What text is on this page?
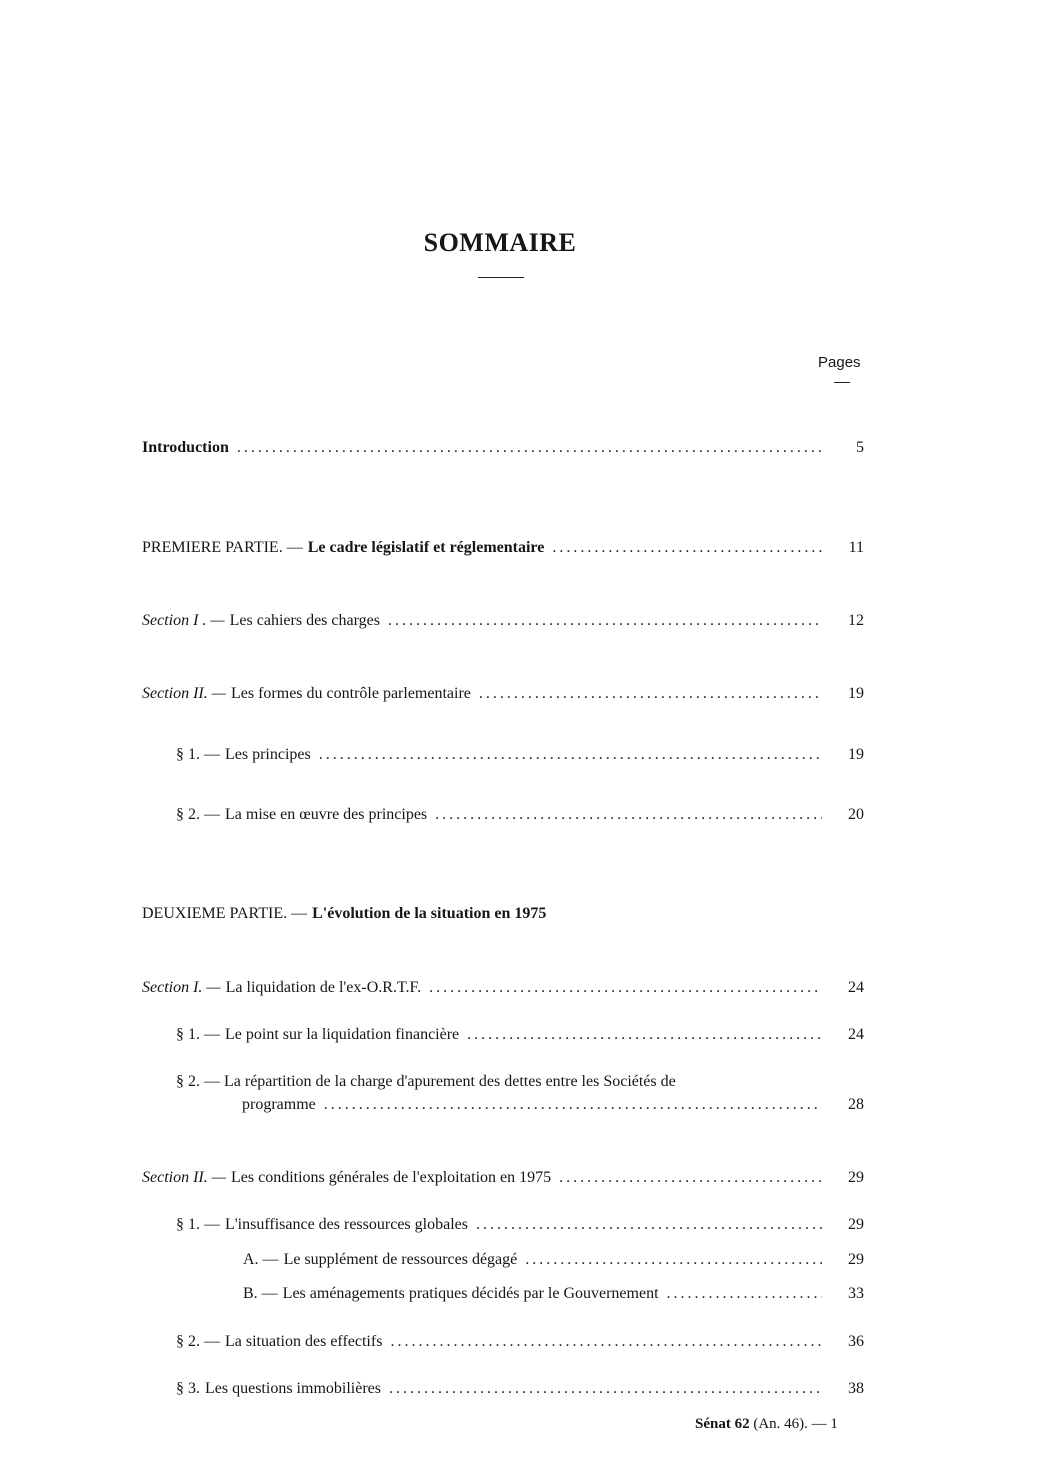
SOMMAIRE
Pages
Introduction .....	5
PREMIERE PARTIE. — Le cadre législatif et réglementaire .....	11
Section I . — Les cahiers des charges .....	12
Section II. — Les formes du contrôle parlementaire .....	19
§ 1. — Les principes .....	19
§ 2. — La mise en œuvre des principes .....	20
DEUXIEME PARTIE. — L'évolution de la situation en 1975
Section I. — La liquidation de l'ex-O.R.T.F. .....	24
§ 1. — Le point sur la liquidation financière .....	24
§ 2. — La répartition de la charge d'apurement des dettes entre les Sociétés de
programme .....	28
Section II. — Les conditions générales de l'exploitation en 1975 .....	29
§ 1. — L'insuffisance des ressources globales .....	29
A. — Le supplément de ressources dégagé .....	29
B. — Les aménagements pratiques décidés par le Gouvernement .....	33
§ 2. — La situation des effectifs .....	36
§ 3. Les questions immobilières .....	38
Sénat 62 (An. 46). — 1
